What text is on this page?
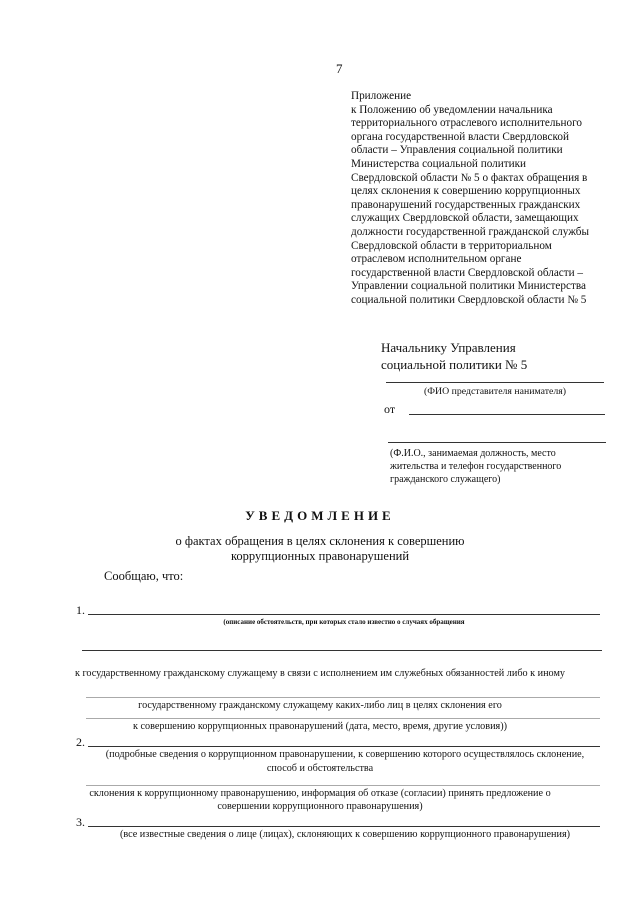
7
Приложение
к Положению об уведомлении начальника
территориального отраслевого исполнительного
органа государственной власти Свердловской
области – Управления социальной политики
Министерства социальной политики
Свердловской области № 5 о фактах обращения в
целях склонения к совершению коррупционных
правонарушений государственных гражданских
служащих Свердловской области, замещающих
должности государственной гражданской службы
Свердловской области в территориальном
отраслевом исполнительном органе
государственной власти Свердловской области –
Управлении социальной политики Министерства
социальной политики Свердловской области № 5
Начальнику Управления
социальной политики № 5
(ФИО представителя нанимателя)
от
(Ф.И.О., занимаемая должность, место
жительства и телефон государственного
гражданского служащего)
УВЕДОМЛЕНИЕ
о фактах обращения в целях склонения к совершению
коррупционных правонарушений
Сообщаю, что:
1.
(описание обстоятельств, при которых стало известно о случаях обращения
к государственному гражданскому служащему в связи с исполнением им служебных обязанностей либо к иному
государственному гражданскому служащему каких-либо лиц в целях склонения его
к совершению коррупционных правонарушений (дата, место, время, другие условия))
2.
(подробные сведения о коррупционном правонарушении, к совершению которого осуществлялось склонение,
способ и обстоятельства
склонения к коррупционному правонарушению, информация об отказе (согласии) принять предложение о
совершении коррупционного правонарушения)
3.
(все известные сведения о лице (лицах), склоняющих к совершению коррупционного правонарушения)
